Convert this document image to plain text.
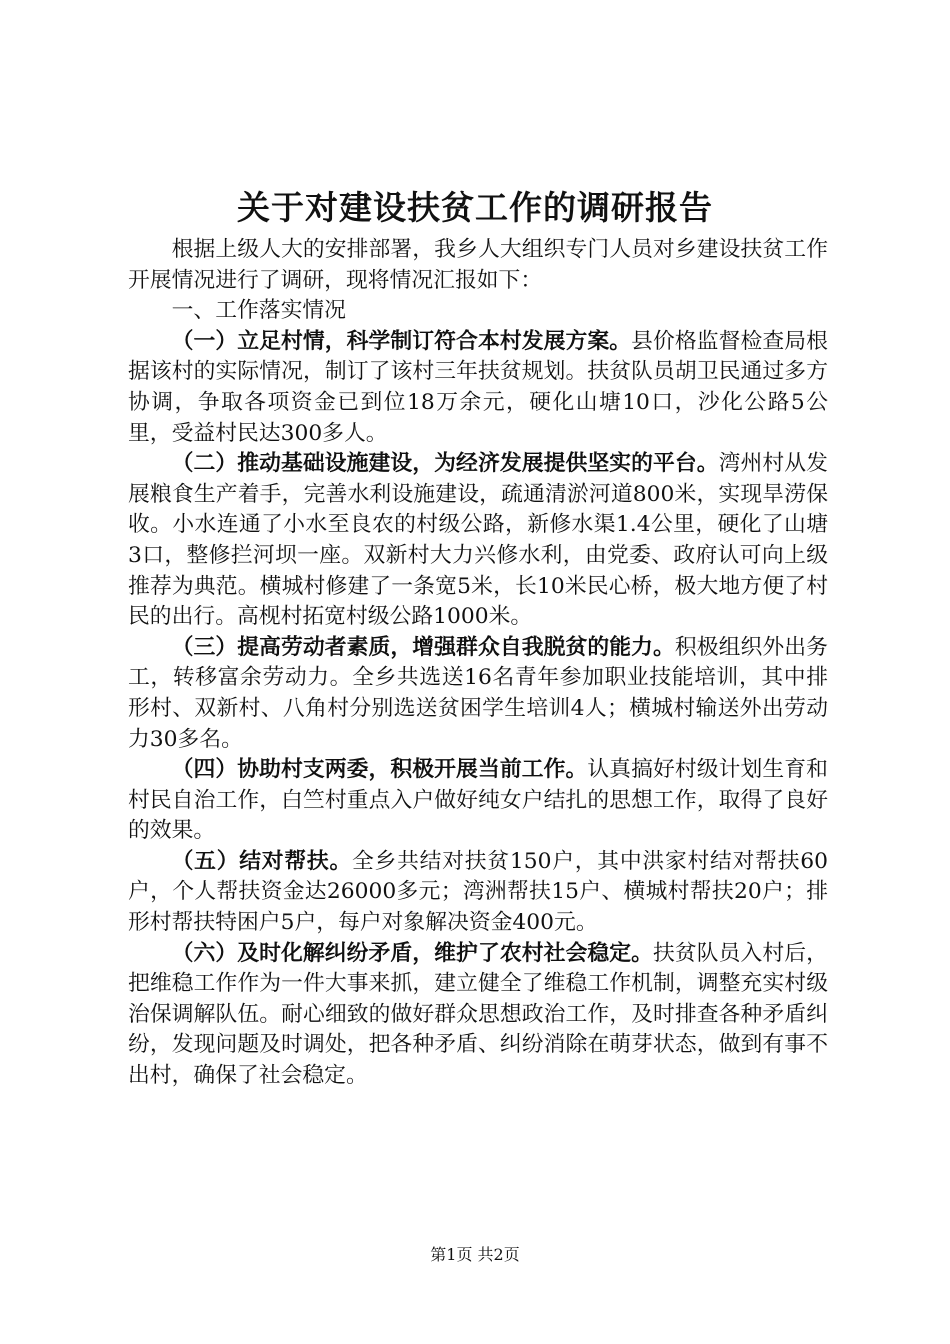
关于对建设扶贫工作的调研报告

根据上级人大的安排部署，我乡人大组织专门人员对乡建设扶贫工作开展情况进行了调研，现将情况汇报如下：

一、工作落实情况

（一）立足村情，科学制订符合本村发展方案。县价格监督检查局根据该村的实际情况，制订了该村三年扶贫规划。扶贫队员胡卫民通过多方协调，争取各项资金已到位18万余元，硬化山塘10口，沙化公路5公里，受益村民达300多人。

（二）推动基础设施建设，为经济发展提供坚实的平台。湾州村从发展粮食生产着手，完善水利设施建设，疏通清淤河道800米，实现旱涝保收。小水连通了小水至良农的村级公路，新修水渠1.4公里，硬化了山塘3口，整修拦河坝一座。双新村大力兴修水利，由党委、政府认可向上级推荐为典范。横城村修建了一条宽5米，长10米民心桥，极大地方便了村民的出行。高枧村拓宽村级公路1000米。

（三）提高劳动者素质，增强群众自我脱贫的能力。积极组织外出务工，转移富余劳动力。全乡共选送16名青年参加职业技能培训，其中排形村、双新村、八角村分别选送贫困学生培训4人；横城村输送外出劳动力30多名。

（四）协助村支两委，积极开展当前工作。认真搞好村级计划生育和村民自治工作，白竺村重点入户做好纯女户结扎的思想工作，取得了良好的效果。

（五）结对帮扶。全乡共结对扶贫150户，其中洪家村结对帮扶60户，个人帮扶资金达26000多元；湾洲帮扶15户、横城村帮扶20户；排形村帮扶特困户5户，每户对象解决资金400元。

（六）及时化解纠纷矛盾，维护了农村社会稳定。扶贫队员入村后，把维稳工作作为一件大事来抓，建立健全了维稳工作机制，调整充实村级治保调解队伍。耐心细致的做好群众思想政治工作，及时排查各种矛盾纠纷，发现问题及时调处，把各种矛盾、纠纷消除在萌芽状态，做到有事不出村，确保了社会稳定。

第1页 共2页
